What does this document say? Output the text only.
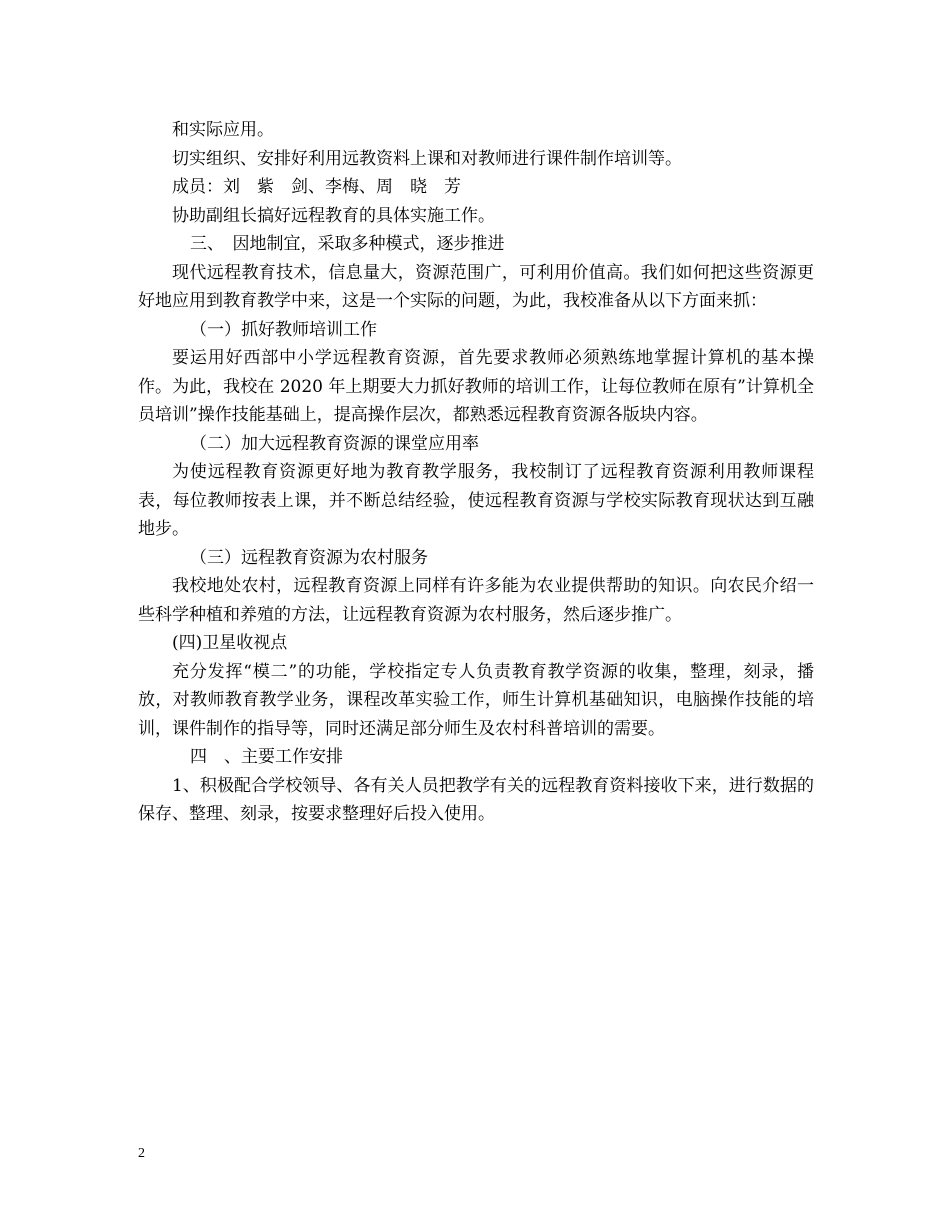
和实际应用。

切实组织、安排好利用远教资料上课和对教师进行课件制作培训等。

成员：刘　紫　剑、李梅、周　晓　芳

协助副组长搞好远程教育的具体实施工作。

三、　因地制宜，采取多种模式，逐步推进

现代远程教育技术，信息量大，资源范围广，可利用价值高。我们如何把这些资源更好地应用到教育教学中来，这是一个实际的问题，为此，我校准备从以下方面来抓：

（一）抓好教师培训工作

要运用好西部中小学远程教育资源，首先要求教师必须熟练地掌握计算机的基本操作。为此，我校在 2020 年上期要大力抓好教师的培训工作，让每位教师在原有”计算机全员培训”操作技能基础上，提高操作层次，都熟悉远程教育资源各版块内容。

（二）加大远程教育资源的课堂应用率

为使远程教育资源更好地为教育教学服务，我校制订了远程教育资源利用教师课程表，每位教师按表上课，并不断总结经验，使远程教育资源与学校实际教育现状达到互融地步。

（三）远程教育资源为农村服务

我校地处农村，远程教育资源上同样有许多能为农业提供帮助的知识。向农民介绍一些科学种植和养殖的方法，让远程教育资源为农村服务，然后逐步推广。

(四)卫星收视点

充分发挥“模二”的功能，学校指定专人负责教育教学资源的收集，整理，刻录，播放，对教师教育教学业务，课程改革实验工作，师生计算机基础知识，电脑操作技能的培训，课件制作的指导等，同时还满足部分师生及农村科普培训的需要。

四　、主要工作安排

1、积极配合学校领导、各有关人员把教学有关的远程教育资料接收下来，进行数据的保存、整理、刻录，按要求整理好后投入使用。

2
